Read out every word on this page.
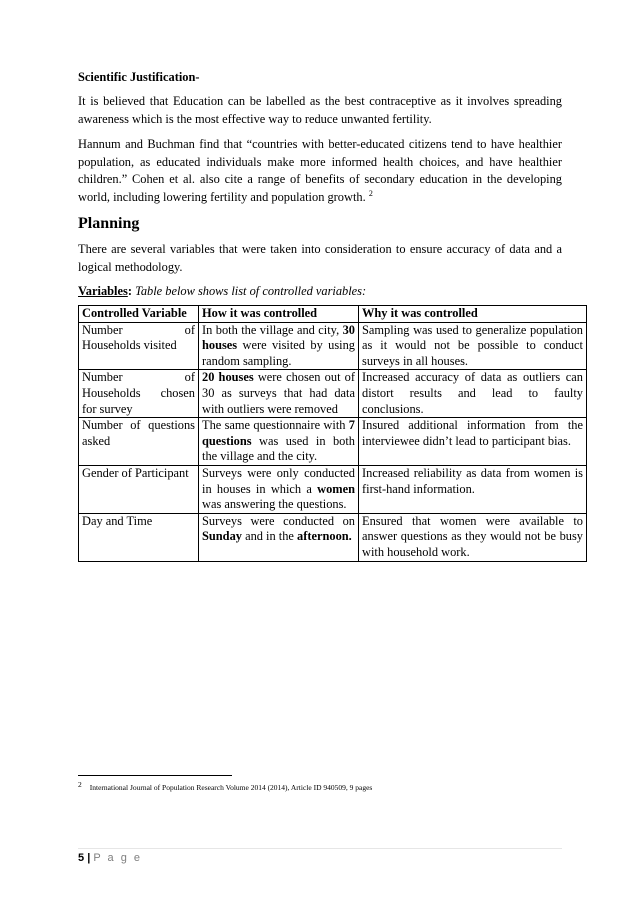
Scientific Justification-

It is believed that Education can be labelled as the best contraceptive as it involves spreading awareness which is the most effective way to reduce unwanted fertility.

Hannum and Buchman find that “countries with better-educated citizens tend to have healthier population, as educated individuals make more informed health choices, and have healthier children.” Cohen et al. also cite a range of benefits of secondary education in the developing world, including lowering fertility and population growth. $^2$

Planning

There are several variables that were taken into consideration to ensure accuracy of data and a logical methodology.

Variables: Table below shows list of controlled variables:
Controlled Variable	How it was controlled	Why it was controlled
Number of Households visited	In both the village and city, 30 houses were visited by using random sampling.	Sampling was used to generalize population as it would not be possible to conduct surveys in all houses.
Number of Households chosen for survey	20 houses were chosen out of 30 as surveys that had data with outliers were removed	Increased accuracy of data as outliers can distort results and lead to faulty conclusions.
Number of questions asked	The same questionnaire with 7 questions was used in both the village and the city.	Insured additional information from the interviewee didn’t lead to participant bias.
Gender of Participant	Surveys were only conducted in houses in which a women was answering the questions.	Increased reliability as data from women is first-hand information.
Day and Time	Surveys were conducted on Sunday and in the afternoon.	Ensured that women were available to answer questions as they would not be busy with household work.
$^2$ International Journal of Population Research Volume 2014 (2014), Article ID 940509, 9 pages
5 | P a g e
